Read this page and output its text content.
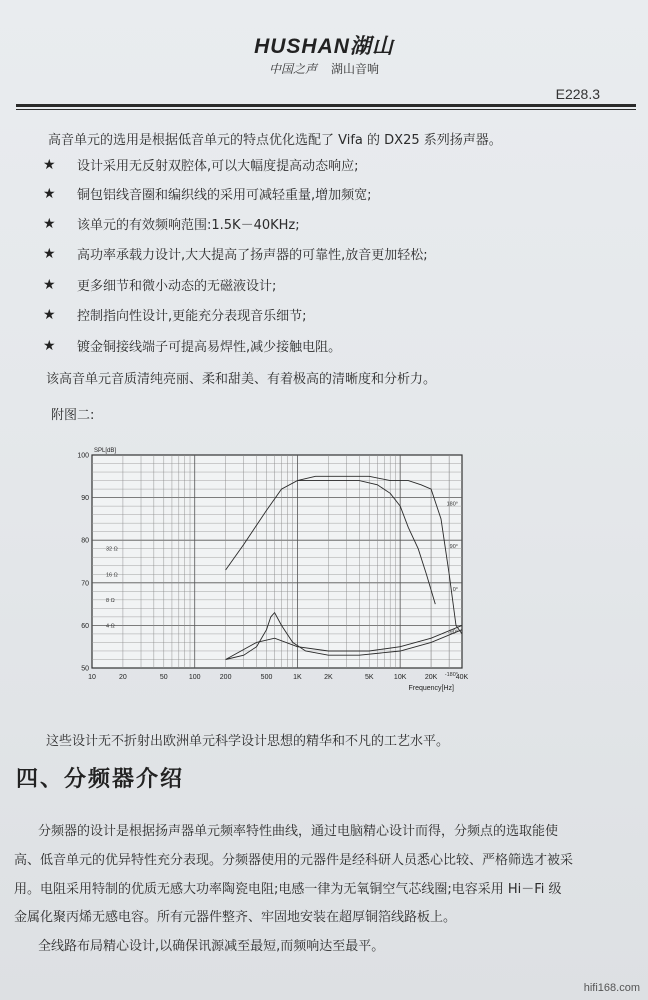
HUSHAN湖山
中国之声 湖山音响
E228.3
高音单元的选用是根据低音单元的特点优化选配了 Vifa 的 DX25 系列扬声器。
★ 设计采用无反射双腔体,可以大幅度提高动态响应;
★ 铜包铝线音圈和编织线的采用可减轻重量,增加频宽;
★ 该单元的有效频响范围:1.5K－40KHz;
★ 高功率承载力设计,大大提高了扬声器的可靠性,放音更加轻松;
★ 更多细节和微小动态的无磁液设计;
★ 控制指向性设计,更能充分表现音乐细节;
★ 镀金铜接线端子可提高易焊性,减少接触电阻。
该高音单元音质清纯亮丽、柔和甜美、有着极高的清晰度和分析力。
附图二:
10	20	50	100	200	500	1K	2K	5K	10K	20K	40K
50
60
70
80
90
100
4 Ω
8 Ω
16 Ω
32 Ω
180°
90°
0°
-90°
-180°
SPL[dB]
Frequency[Hz]
这些设计无不折射出欧洲单元科学设计思想的精华和不凡的工艺水平。
四、分频器介绍
分频器的设计是根据扬声器单元频率特性曲线，通过电脑精心设计而得，分频点的选取能使
高、低音单元的优异特性充分表现。分频器使用的元器件是经科研人员悉心比较、严格筛选才被采
用。电阻采用特制的优质无感大功率陶瓷电阻;电感一律为无氧铜空气芯线圈;电容采用 Hi－Fi 级
金属化聚丙烯无感电容。所有元器件整齐、牢固地安装在超厚铜箔线路板上。
全线路布局精心设计,以确保讯源减至最短,而频响达至最平。
hifi168.com
